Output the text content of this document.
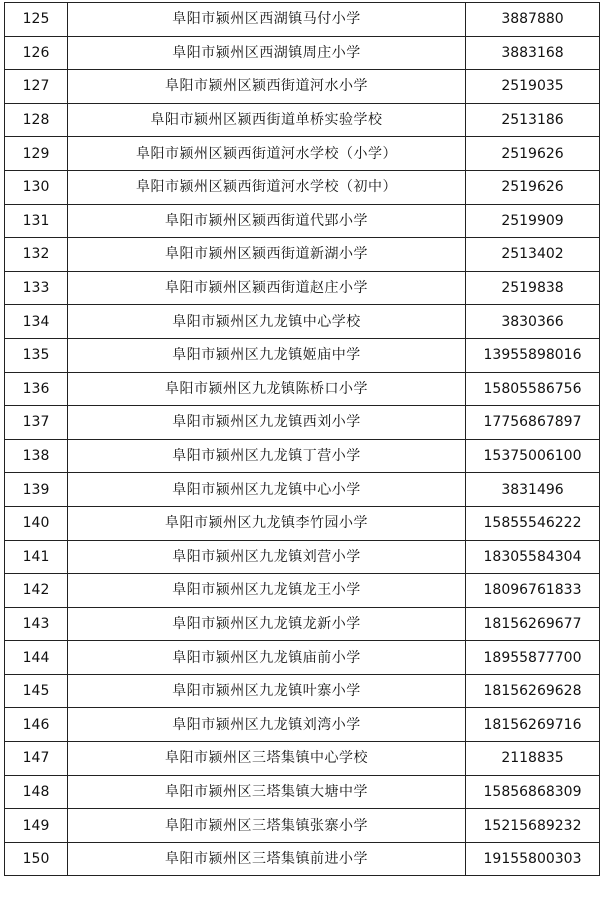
125	阜阳市颍州区西湖镇马付小学	3887880
126	阜阳市颍州区西湖镇周庄小学	3883168
127	阜阳市颍州区颍西街道河水小学	2519035
128	阜阳市颍州区颍西街道单桥实验学校	2513186
129	阜阳市颍州区颍西街道河水学校（小学）	2519626
130	阜阳市颍州区颍西街道河水学校（初中）	2519626
131	阜阳市颍州区颍西街道代郢小学	2519909
132	阜阳市颍州区颍西街道新湖小学	2513402
133	阜阳市颍州区颍西街道赵庄小学	2519838
134	阜阳市颍州区九龙镇中心学校	3830366
135	阜阳市颍州区九龙镇姬庙中学	13955898016
136	阜阳市颍州区九龙镇陈桥口小学	15805586756
137	阜阳市颍州区九龙镇西刘小学	17756867897
138	阜阳市颍州区九龙镇丁营小学	15375006100
139	阜阳市颍州区九龙镇中心小学	3831496
140	阜阳市颍州区九龙镇李竹园小学	15855546222
141	阜阳市颍州区九龙镇刘营小学	18305584304
142	阜阳市颍州区九龙镇龙王小学	18096761833
143	阜阳市颍州区九龙镇龙新小学	18156269677
144	阜阳市颍州区九龙镇庙前小学	18955877700
145	阜阳市颍州区九龙镇叶寨小学	18156269628
146	阜阳市颍州区九龙镇刘湾小学	18156269716
147	阜阳市颍州区三塔集镇中心学校	2118835
148	阜阳市颍州区三塔集镇大塘中学	15856868309
149	阜阳市颍州区三塔集镇张寨小学	15215689232
150	阜阳市颍州区三塔集镇前进小学	19155800303
